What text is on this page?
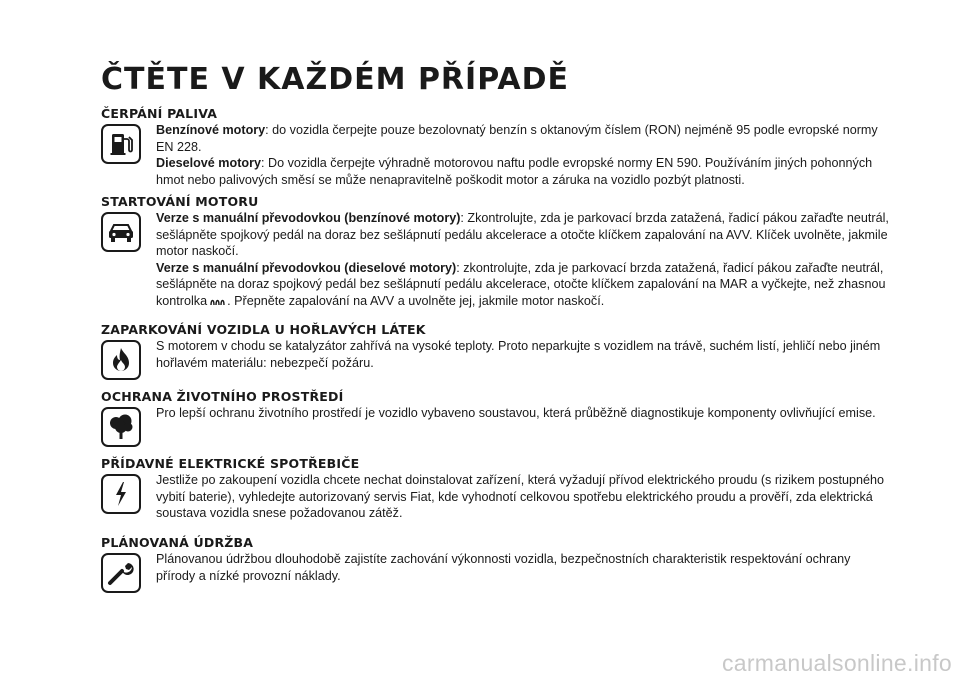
ČTĚTE V KAŽDÉM PŘÍPADĚ
ČERPÁNÍ PALIVA

Benzínové motory: do vozidla čerpejte pouze bezolovnatý benzín s oktanovým číslem (RON) nejméně 95 podle evropské normy EN 228.

Dieselové motory: Do vozidla čerpejte výhradně motorovou naftu podle evropské normy EN 590. Používáním jiných pohonných hmot nebo palivových směsí se může nenapravitelně poškodit motor a záruka na vozidlo pozbýt platnosti.

STARTOVÁNÍ MOTORU

Verze s manuální převodovkou (benzínové motory): Zkontrolujte, zda je parkovací brzda zatažená, řadicí pákou zařaďte neutrál, sešlápněte spojkový pedál na doraz bez sešlápnutí pedálu akcelerace a otočte klíčkem zapalování na AVV. Klíček uvolněte, jakmile motor naskočí.

Verze s manuální převodovkou (dieselové motory): zkontrolujte, zda je parkovací brzda zatažená, řadicí pákou zařaďte neutrál, sešlápněte na doraz spojkový pedál bez sešlápnutí pedálu akcelerace, otočte klíčkem zapalování na MAR a vyčkejte, než zhasnou kontrolka . Přepněte zapalování na AVV a uvolněte jej, jakmile motor naskočí.

ZAPARKOVÁNÍ VOZIDLA U HOŘLAVÝCH LÁTEK

S motorem v chodu se katalyzátor zahřívá na vysoké teploty. Proto neparkujte s vozidlem na trávě, suchém listí, jehličí nebo jiném hořlavém materiálu: nebezpečí požáru.

OCHRANA ŽIVOTNÍHO PROSTŘEDÍ

Pro lepší ochranu životního prostředí je vozidlo vybaveno soustavou, která průběžně diagnostikuje komponenty ovlivňující emise.

PŘÍDAVNÉ ELEKTRICKÉ SPOTŘEBIČE

Jestliže po zakoupení vozidla chcete nechat doinstalovat zařízení, která vyžadují přívod elektrického proudu (s rizikem postupného vybití baterie), vyhledejte autorizovaný servis Fiat, kde vyhodnotí celkovou spotřebu elektrického proudu a prověří, zda elektrická soustava vozidla snese požadovanou zátěž.

PLÁNOVANÁ ÚDRŽBA

Plánovanou údržbou dlouhodobě zajistíte zachování výkonnosti vozidla, bezpečnostních charakteristik respektování ochrany přírody a nízké provozní náklady.

carmanualsonline.info
